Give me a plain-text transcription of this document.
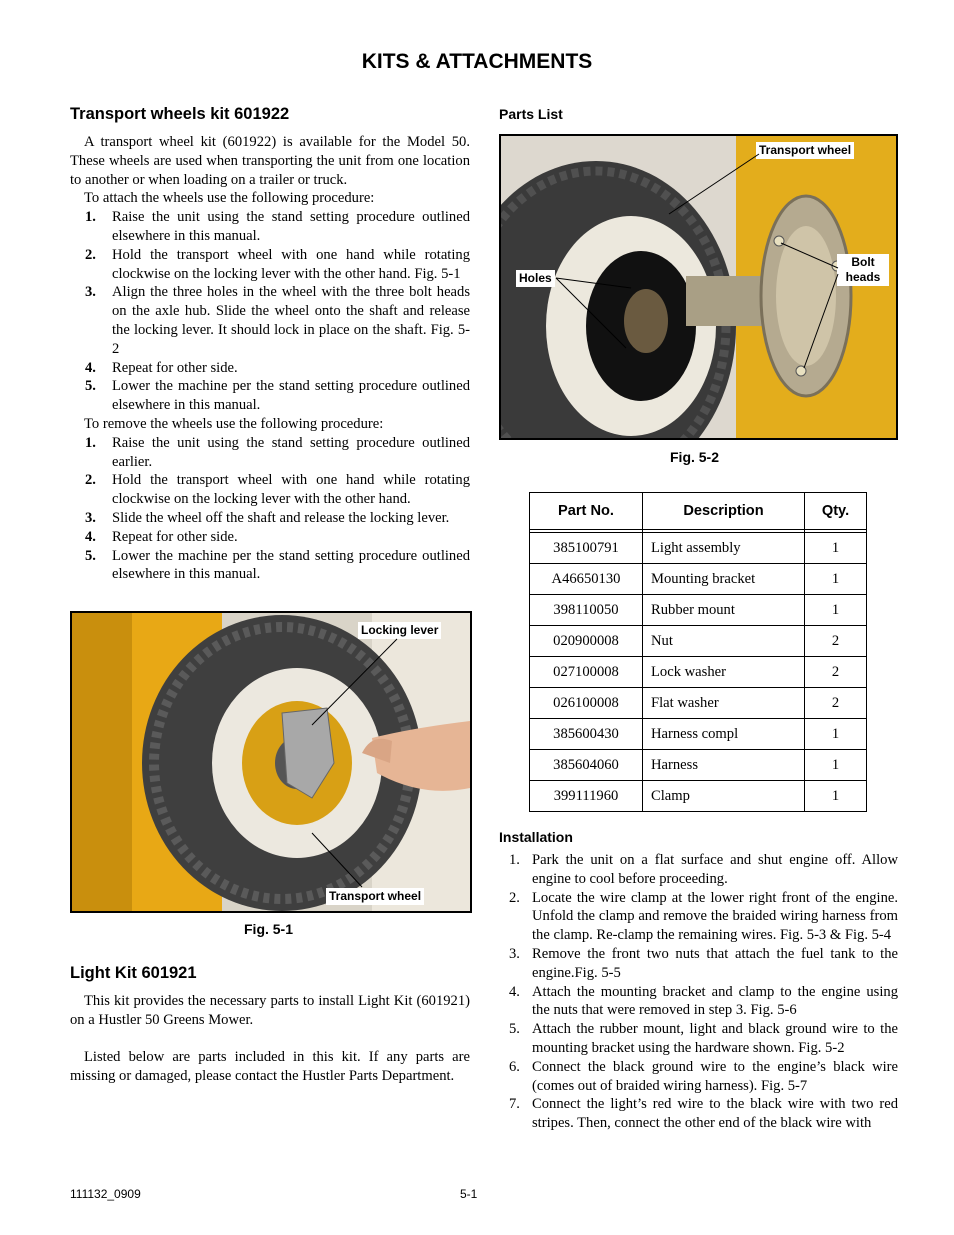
KITS & ATTACHMENTS
Transport wheels kit 601922

A transport wheel kit (601922) is available for the Model 50. These wheels are used when transporting the unit from one location to another or when loading on a trailer or truck.

To attach the wheels use the following procedure:

1. Raise the unit using the stand setting procedure outlined elsewhere in this manual.
2. Hold the transport wheel with one hand while rotating clockwise on the locking lever with the other hand. Fig. 5-1
3. Align the three holes in the wheel with the three bolt heads on the axle hub. Slide the wheel onto the shaft and release the locking lever. It should lock in place on the shaft. Fig. 5-2
4. Repeat for other side.
5. Lower the machine per the stand setting procedure outlined elsewhere in this manual.

To remove the wheels use the following procedure:

1. Raise the unit using the stand setting procedure outlined earlier.
2. Hold the transport wheel with one hand while rotating clockwise on the locking lever with the other hand.
3. Slide the wheel off the shaft and release the locking lever.
4. Repeat for other side.
5. Lower the machine per the stand setting procedure outlined elsewhere in this manual.
Locking lever
Transport wheel
Fig. 5-1
Light Kit 601921

This kit provides the necessary parts to install Light Kit (601921) on a Hustler 50 Greens Mower.

Listed below are parts included in this kit. If any parts are missing or damaged, please contact the Hustler Parts Department.

Parts List
Transport wheel
Holes
Bolt heads
Fig. 5-2
Part No.	Description	Qty.

385100791	Light assembly	1
A46650130	Mounting bracket	1
398110050	Rubber mount	1
020900008	Nut	2
027100008	Lock washer	2
026100008	Flat washer	2
385600430	Harness compl	1
385604060	Harness	1
399111960	Clamp	1
Installation
1. Park the unit on a flat surface and shut engine off. Allow engine to cool before proceeding.
2. Locate the wire clamp at the lower right front of the engine. Unfold the clamp and remove the braided wiring harness from the clamp. Re-clamp the remaining wires. Fig. 5-3 & Fig. 5-4
3. Remove the front two nuts that attach the fuel tank to the engine.Fig. 5-5
4. Attach the mounting bracket and clamp to the engine using the nuts that were removed in step 3. Fig. 5-6
5. Attach the rubber mount, light and black ground wire to the mounting bracket using the hardware shown. Fig. 5-2
6. Connect the black ground wire to the engine’s black wire (comes out of braided wiring harness). Fig. 5-7
7. Connect the light’s red wire to the black wire with two red stripes. Then, connect the other end of the black wire with
111132_0909	5-1
